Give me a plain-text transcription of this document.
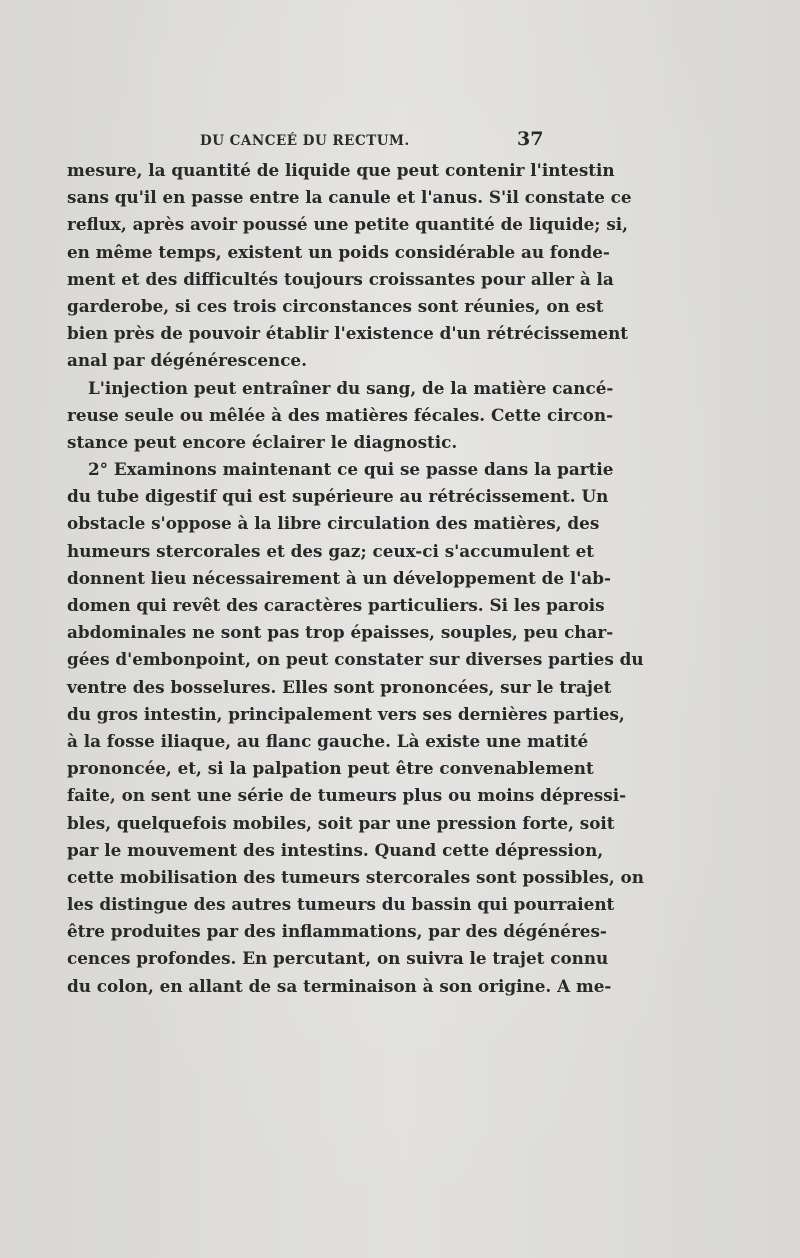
DU CANCEÉ DU RECTUM.	37
mesure, la quantité de liquide que peut contenir l'intestin
sans qu'il en passe entre la canule et l'anus. S'il constate ce
reflux, après avoir poussé une petite quantité de liquide; si,
en même temps, existent un poids considérable au fonde-
ment et des difficultés toujours croissantes pour aller à la
garderobe, si ces trois circonstances sont réunies, on est
bien près de pouvoir établir l'existence d'un rétrécissement
anal par dégénérescence.
L'injection peut entraîner du sang, de la matière cancé-
reuse seule ou mêlée à des matières fécales. Cette circon-
stance peut encore éclairer le diagnostic.
2° Examinons maintenant ce qui se passe dans la partie
du tube digestif qui est supérieure au rétrécissement. Un
obstacle s'oppose à la libre circulation des matières, des
humeurs stercorales et des gaz; ceux-ci s'accumulent et
donnent lieu nécessairement à un développement de l'ab-
domen qui revêt des caractères particuliers. Si les parois
abdominales ne sont pas trop épaisses, souples, peu char-
gées d'embonpoint, on peut constater sur diverses parties du
ventre des bosselures. Elles sont prononcées, sur le trajet
du gros intestin, principalement vers ses dernières parties,
à la fosse iliaque, au flanc gauche. Là existe une matité
prononcée, et, si la palpation peut être convenablement
faite, on sent une série de tumeurs plus ou moins dépressi-
bles, quelquefois mobiles, soit par une pression forte, soit
par le mouvement des intestins. Quand cette dépression,
cette mobilisation des tumeurs stercorales sont possibles, on
les distingue des autres tumeurs du bassin qui pourraient
être produites par des inflammations, par des dégénéres-
cences profondes. En percutant, on suivra le trajet connu
du colon, en allant de sa terminaison à son origine. A me-
